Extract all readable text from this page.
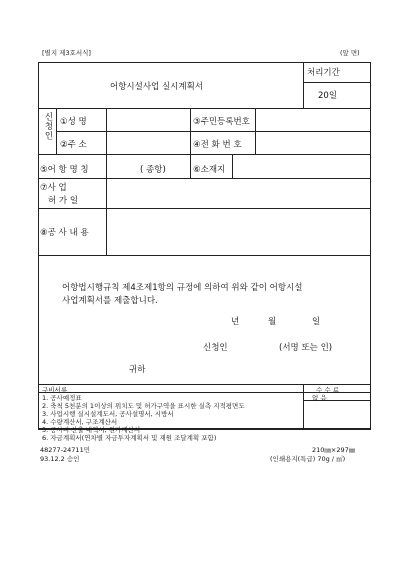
[별지 제3호서식]	(앞 면)
어항시설사업 실시계획서
처리기간
20일
신청인 ①성 명	③주민등록번호
②주 소	④전 화 번 호
⑤어 항 명 칭	( 종항)	⑥소재지
⑦사 업
허 가 일
⑧공 사 내 용
어항법시행규칙 제4조제1항의 규정에 의하여 위와 같이 어항시설
사업계획서를 제출합니다.
년	월	일
신청인	(서명 또는 인)
귀하
구비서류	수 수 료
없 음
1. 공사예정표
2. 축척 5천분의 1이상의 위치도 및 허가구역을 표시한 실측 지적평면도
3. 사업시행 실시설계도서, 공사설명서, 시방서
4. 수량계산서, 구조계산서
5. 공사비 산출 내역서, 원가계산서
6. 자금계획서(연차별 자금투자계획서 및 재원 조달계획 포함)
48277-24711민
93.12.2 승인
210㎜×297㎜
(인쇄용지(특급) 70g / ㎡)
